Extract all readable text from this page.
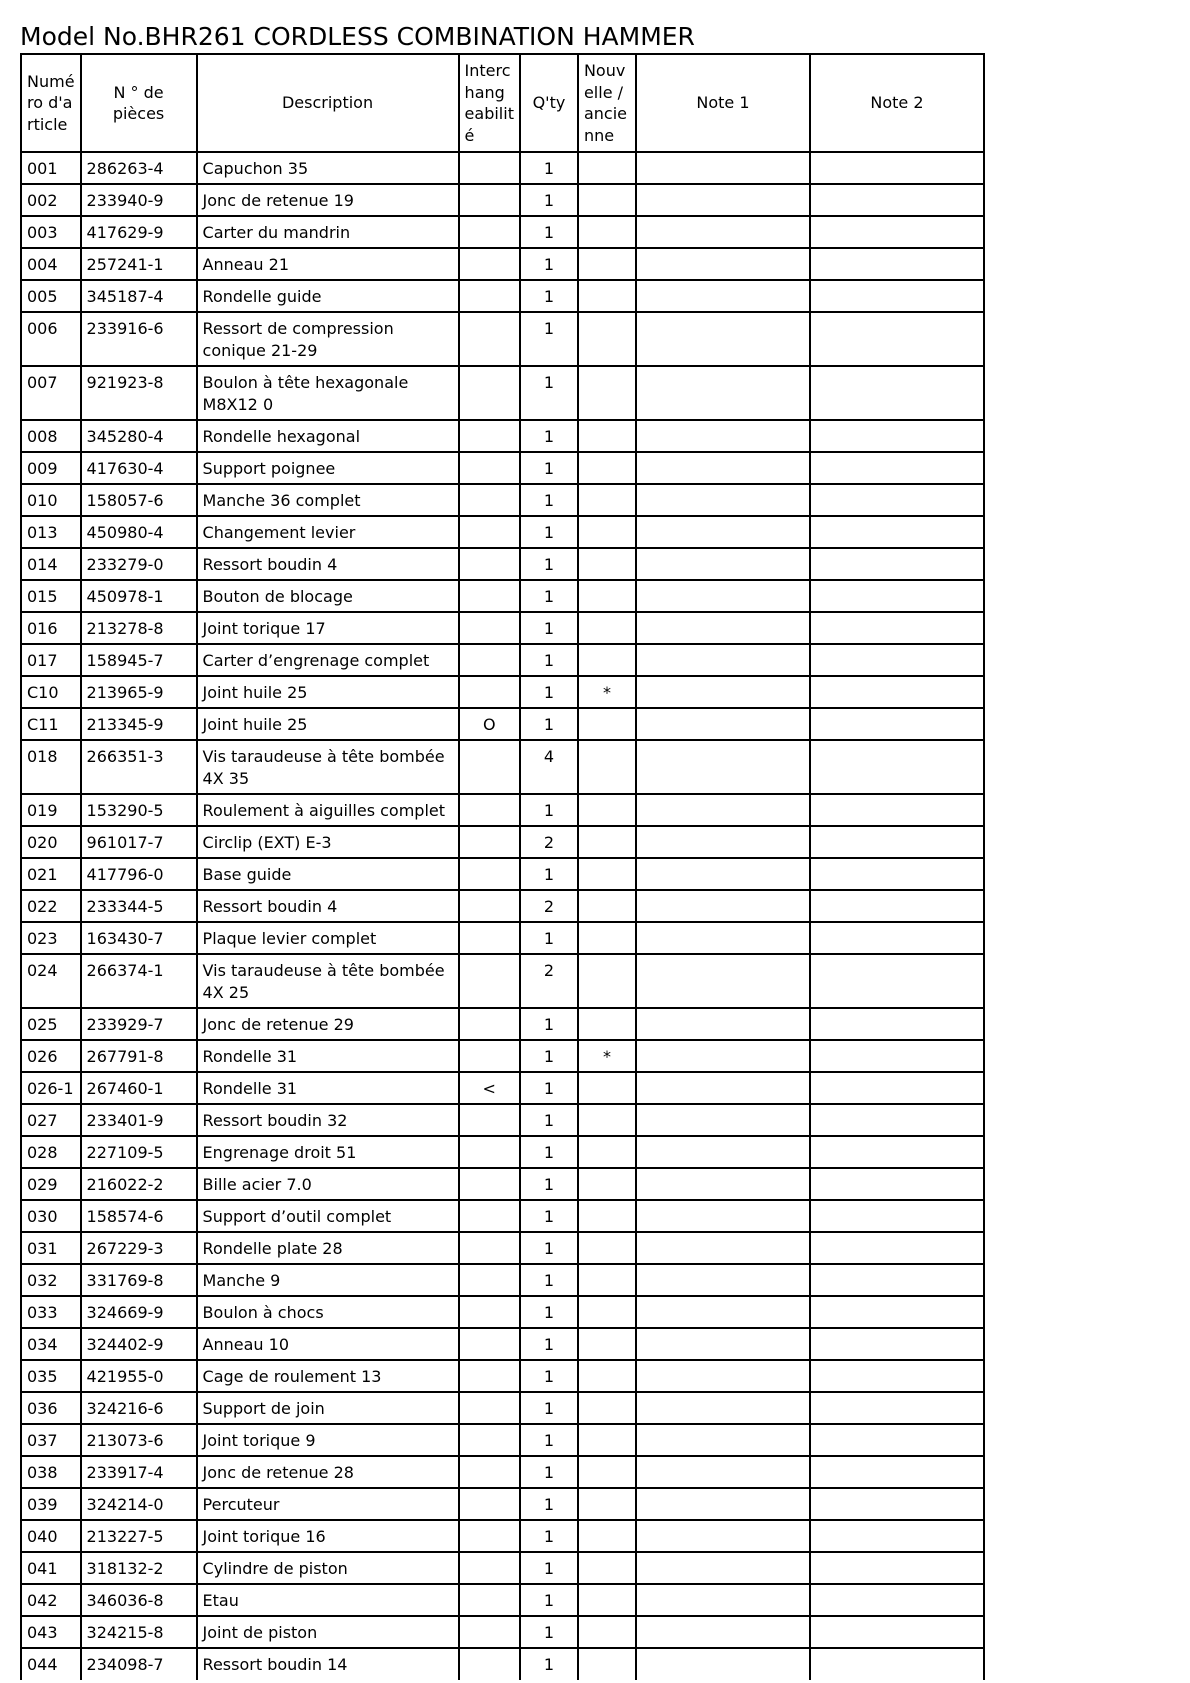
Model No.BHR261 CORDLESS COMBINATION HAMMER
Numé ro d'a rticle	N ° de pièces	Description	Interc hang eabilit é	Q'ty	Nouv elle / ancie nne	Note 1	Note 2
001	286263-4	Capuchon 35		1			
002	233940-9	Jonc de retenue 19		1			
003	417629-9	Carter du mandrin		1			
004	257241-1	Anneau 21		1			
005	345187-4	Rondelle guide		1			
006	233916-6	Ressort de compression conique 21-29		1			
007	921923-8	Boulon à tête hexagonale M8X12 0		1			
008	345280-4	Rondelle hexagonal		1			
009	417630-4	Support poignee		1			
010	158057-6	Manche 36 complet		1			
013	450980-4	Changement levier		1			
014	233279-0	Ressort boudin 4		1			
015	450978-1	Bouton de blocage		1			
016	213278-8	Joint torique 17		1			
017	158945-7	Carter d’engrenage complet		1			
C10	213965-9	Joint huile 25		1	*		
C11	213345-9	Joint huile 25	O	1			
018	266351-3	Vis taraudeuse à tête bombée 4X 35		4			
019	153290-5	Roulement à aiguilles complet		1			
020	961017-7	Circlip (EXT) E-3		2			
021	417796-0	Base guide		1			
022	233344-5	Ressort boudin 4		2			
023	163430-7	Plaque levier complet		1			
024	266374-1	Vis taraudeuse à tête bombée 4X 25		2			
025	233929-7	Jonc de retenue 29		1			
026	267791-8	Rondelle 31		1	*		
026-1	267460-1	Rondelle 31	<	1			
027	233401-9	Ressort boudin 32		1			
028	227109-5	Engrenage droit 51		1			
029	216022-2	Bille acier 7.0		1			
030	158574-6	Support d’outil complet		1			
031	267229-3	Rondelle plate 28		1			
032	331769-8	Manche 9		1			
033	324669-9	Boulon à chocs		1			
034	324402-9	Anneau 10		1			
035	421955-0	Cage de roulement 13		1			
036	324216-6	Support de join		1			
037	213073-6	Joint torique 9		1			
038	233917-4	Jonc de retenue 28		1			
039	324214-0	Percuteur		1			
040	213227-5	Joint torique 16		1			
041	318132-2	Cylindre de piston		1			
042	346036-8	Etau		1			
043	324215-8	Joint de piston		1			
044	234098-7	Ressort boudin 14		1			
